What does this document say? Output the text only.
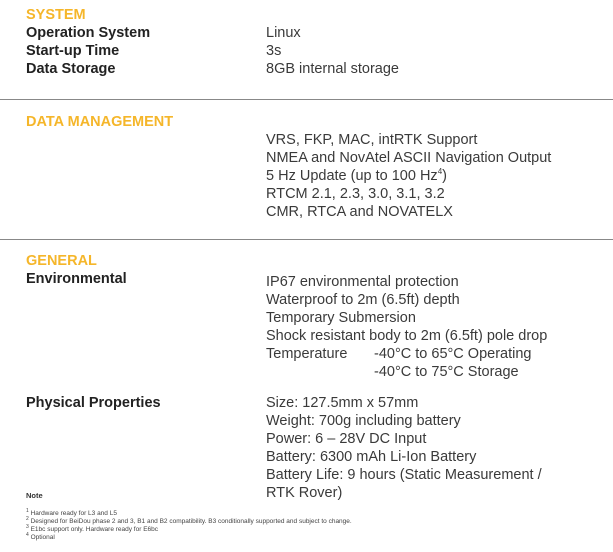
SYSTEM
Operation System	Linux
Start-up Time	3s
Data Storage	8GB internal storage
DATA MANAGEMENT
VRS, FKP, MAC, intRTK Support
NMEA and NovAtel ASCII Navigation Output
5 Hz Update (up to 100 Hz$^4$)
RTCM 2.1, 2.3, 3.0, 3.1, 3.2
CMR, RTCA and NOVATELX
GENERAL
Environmental	IP67 environmental protection
Waterproof to 2m (6.5ft) depth
Temporary Submersion
Shock resistant body to 2m (6.5ft) pole drop
Temperature -40°C to 65°C Operating
-40°C to 75°C Storage
Physical Properties	Size: 127.5mm x 57mm
Weight: 700g including battery
Power: 6 – 28V DC Input
Battery: 6300 mAh Li-Ion Battery
Battery Life: 9 hours (Static Measurement /
RTK Rover)
Note
$^1$ Hardware ready for L3 and L5
$^2$ Designed for BeiDou phase 2 and 3, B1 and B2 compatibility. B3 conditionally supported and subject to change.
$^3$ E1bc support only. Hardware ready for E6bc
$^4$ Optional
